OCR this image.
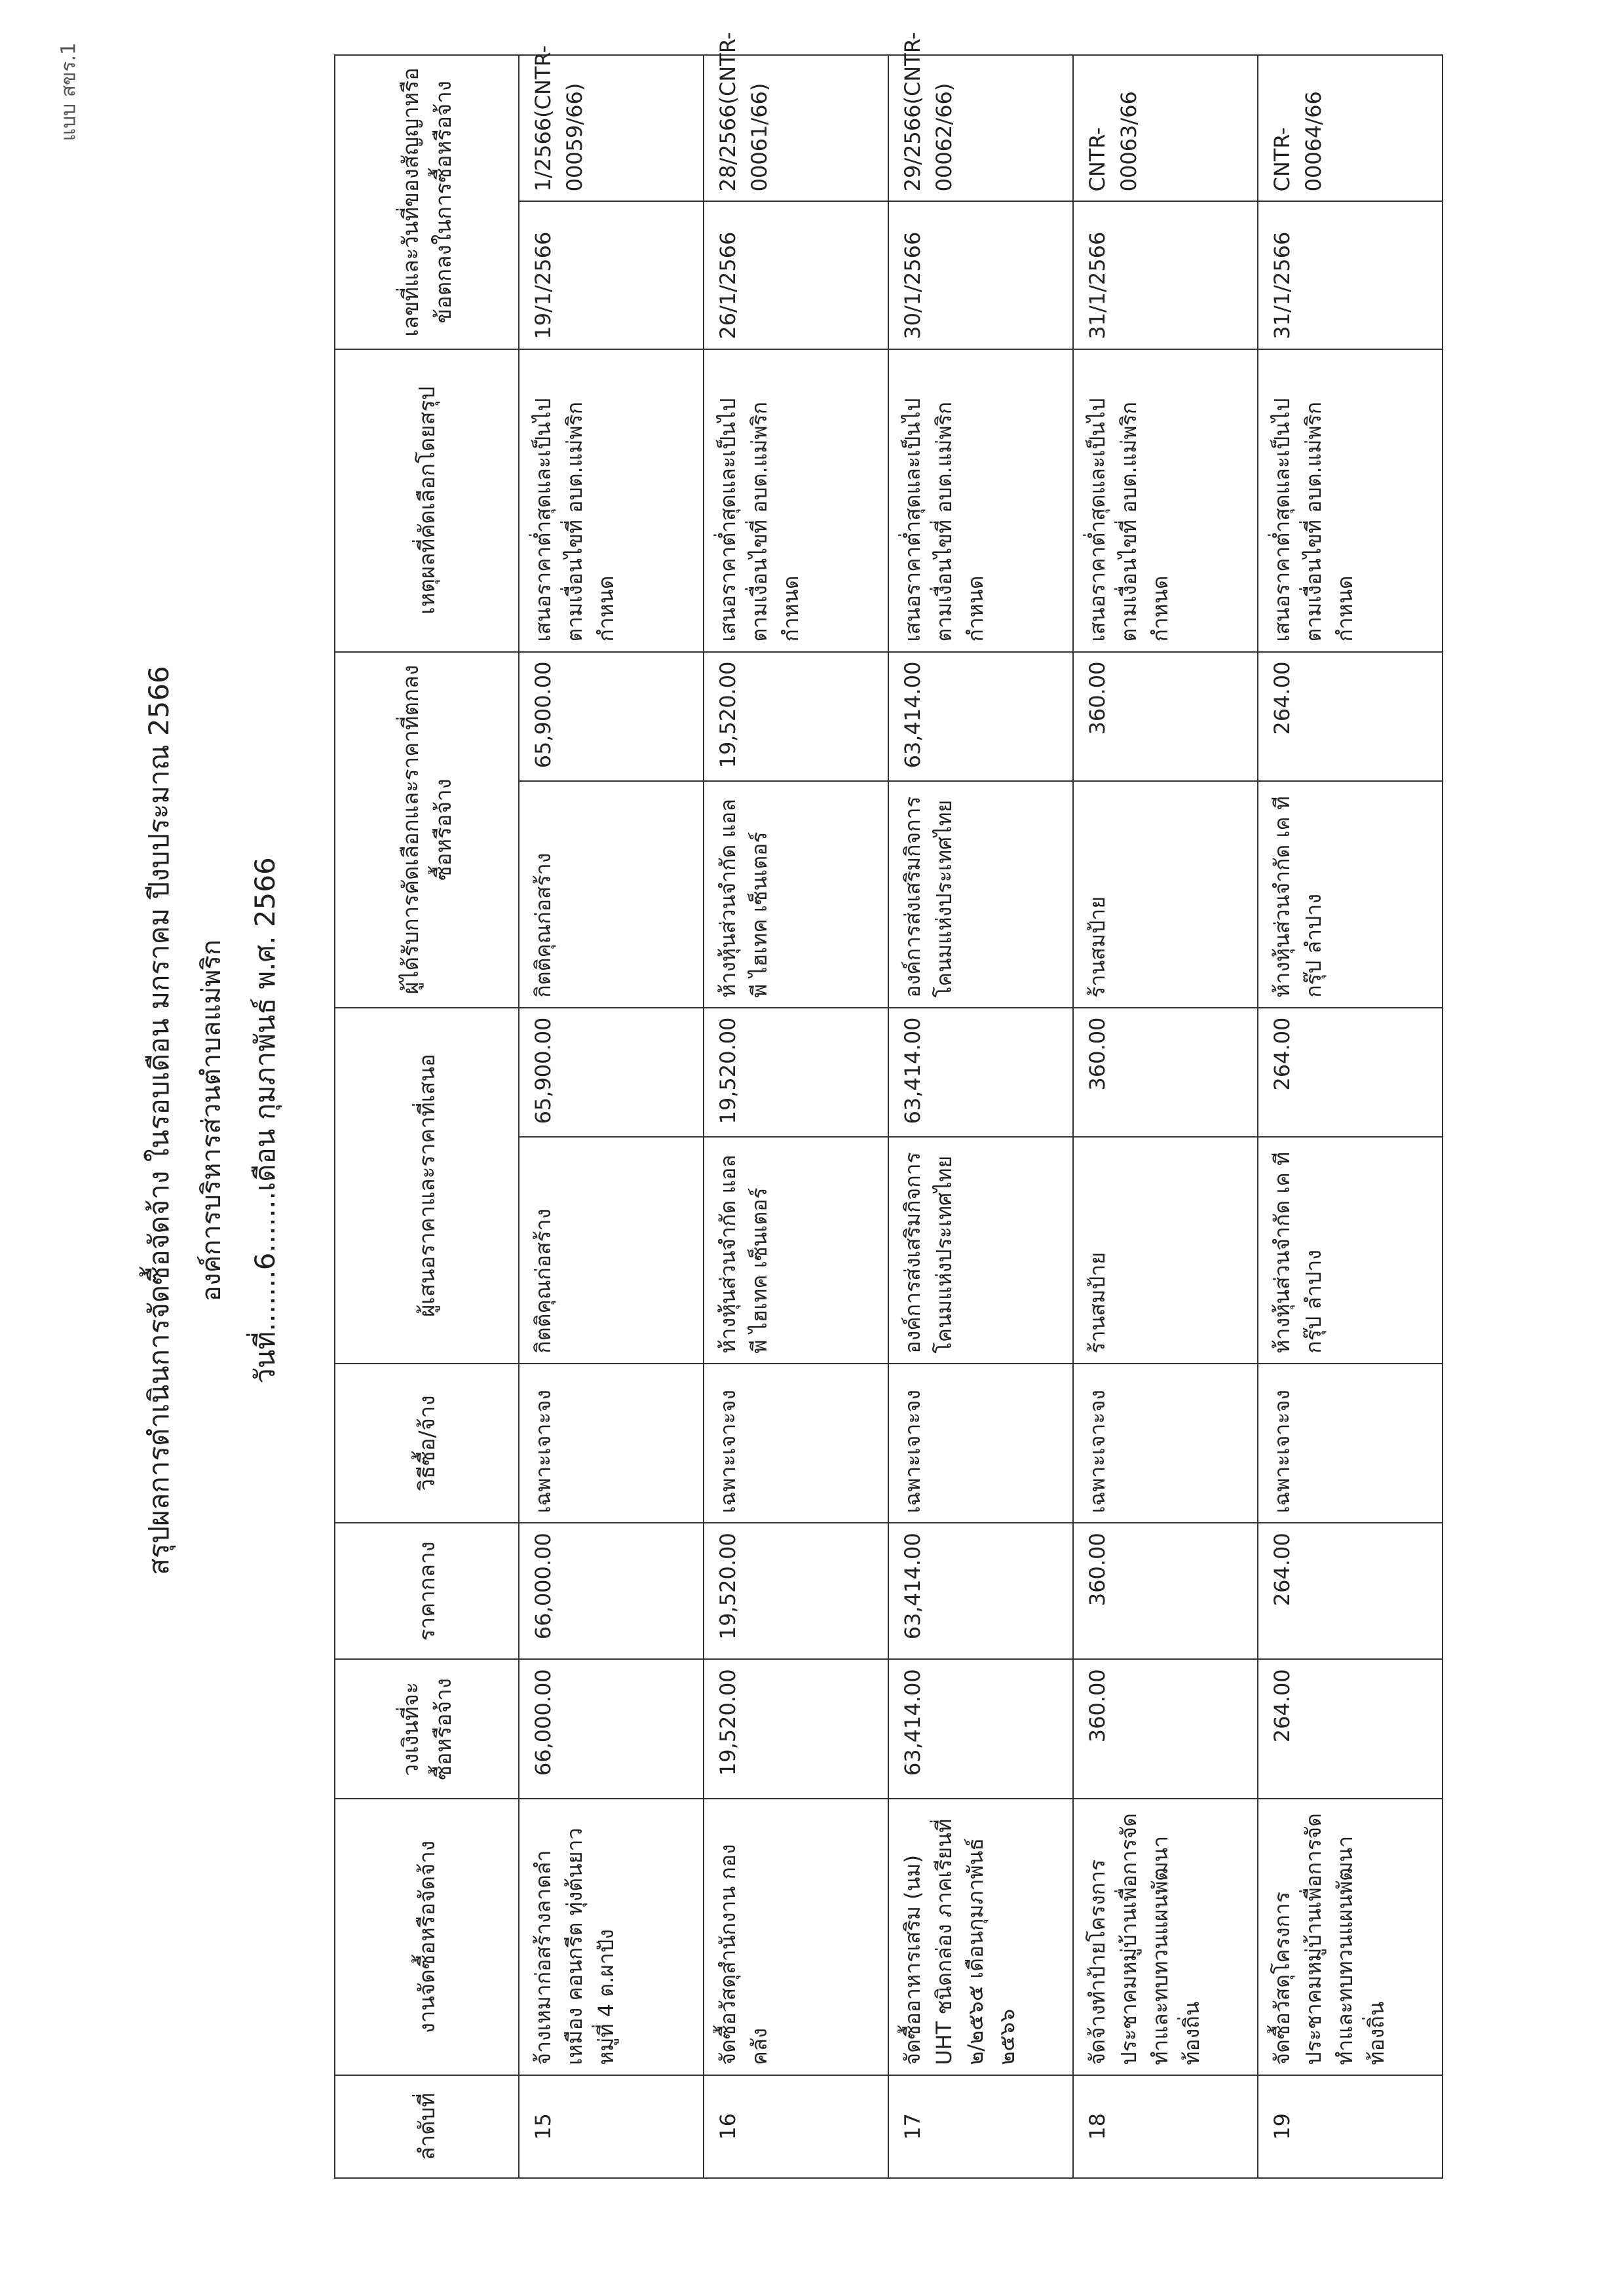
แบบ สขร.1
สรุปผลการดำเนินการจัดซื้อจัดจ้าง ในรอบเดือน มกราคม ปีงบประมาณ 2566 องค์การบริหารส่วนตำบลแม่พริก วันที่.......6.......เดือน กุมภาพันธ์ พ.ศ. 2566
ลำดับที่	งานจัดซื้อหรือจัดจ้าง	วงเงินที่จะซื้อหรือจ้าง	ราคากลาง	วิธีซื้อ/จ้าง	ผู้เสนอราคาและราคาที่เสนอ		ผู้ได้รับการคัดเลือกและราคาที่ตกลงซื้อหรือจ้าง		เหตุผลที่คัดเลือกโดยสรุป	เลขที่และวันที่ของสัญญาหรือข้อตกลงในการซื้อหรือจ้าง	
15	จ้างเหมาก่อสร้างลาดลำเหมือง คอนกรีต ทุ่งต้นยาว หมู่ที่ 4 ต.ผาปัง	66,000.00	66,000.00	เฉพาะเจาะจง	กิตติคุณก่อสร้าง	65,900.00	กิตติคุณก่อสร้าง	65,900.00	เสนอราคาต่ำสุดและเป็นไปตามเงื่อนไขที่ อบต.แม่พริกกำหนด	19/1/2566	1/2566(CNTR-00059/66)
16	จัดซื้อวัสดุสำนักงาน กองคลัง	19,520.00	19,520.00	เฉพาะเจาะจง	ห้างหุ้นส่วนจำกัด แอล พี ไฮเทค เซ็นเตอร์	19,520.00	ห้างหุ้นส่วนจำกัด แอล พี ไฮเทค เซ็นเตอร์	19,520.00	เสนอราคาต่ำสุดและเป็นไปตามเงื่อนไขที่ อบต.แม่พริกกำหนด	26/1/2566	28/2566(CNTR-00061/66)
17	จัดซื้ออาหารเสริม (นม) UHT ชนิดกล่อง ภาคเรียนที่ ๒/๒๕๖๕ เดือนกุมภาพันธ์ ๒๕๖๖	63,414.00	63,414.00	เฉพาะเจาะจง	องค์การส่งเสริมกิจการโคนมแห่งประเทศไทย	63,414.00	องค์การส่งเสริมกิจการโคนมแห่งประเทศไทย	63,414.00	เสนอราคาต่ำสุดและเป็นไปตามเงื่อนไขที่ อบต.แม่พริกกำหนด	30/1/2566	29/2566(CNTR-00062/66)
18	จัดจ้างทำป้ายโครงการประชาคมหมู่บ้านเพื่อการจัดทำและทบทวนแผนพัฒนาท้องถิ่น	360.00	360.00	เฉพาะเจาะจง	ร้านสมป้าย	360.00	ร้านสมป้าย	360.00	เสนอราคาต่ำสุดและเป็นไปตามเงื่อนไขที่ อบต.แม่พริกกำหนด	31/1/2566	CNTR-00063/66
19	จัดซื้อวัสดุโครงการประชาคมหมู่บ้านเพื่อการจัดทำและทบทวนแผนพัฒนาท้องถิ่น	264.00	264.00	เฉพาะเจาะจง	ห้างหุ้นส่วนจำกัด เค ที กรุ๊ป ลำปาง	264.00	ห้างหุ้นส่วนจำกัด เค ที กรุ๊ป ลำปาง	264.00	เสนอราคาต่ำสุดและเป็นไปตามเงื่อนไขที่ อบต.แม่พริกกำหนด	31/1/2566	CNTR-00064/66
